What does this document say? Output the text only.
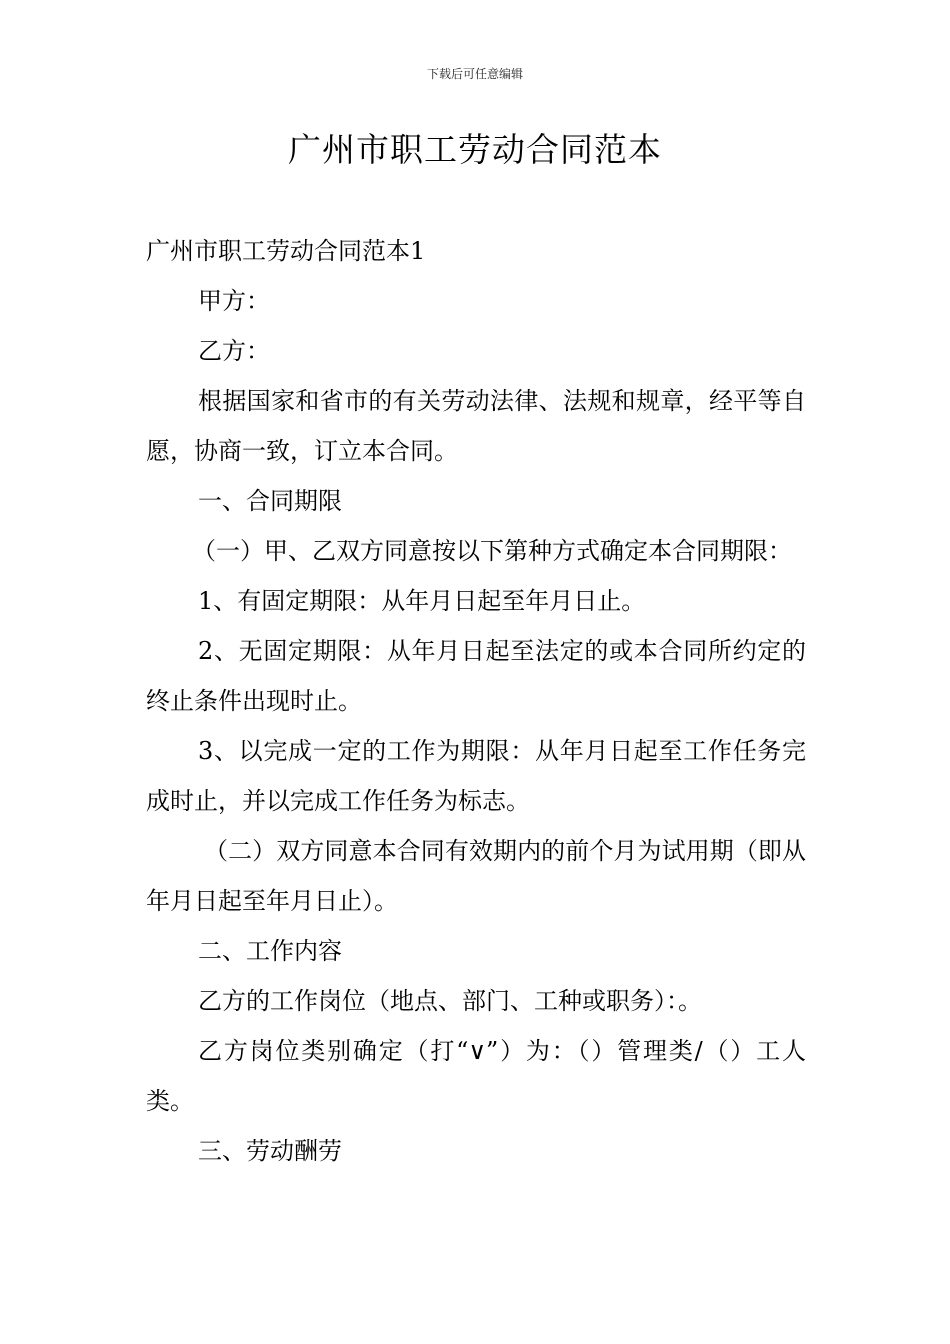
下载后可任意编辑
广州市职工劳动合同范本

广州市职工劳动合同范本1

甲方：

乙方：

根据国家和省市的有关劳动法律、法规和规章，经平等自愿，协商一致，订立本合同。

一、合同期限

（一）甲、乙双方同意按以下第种方式确定本合同期限：

1、有固定期限：从年月日起至年月日止。

2、无固定期限：从年月日起至法定的或本合同所约定的终止条件出现时止。

3、以完成一定的工作为期限：从年月日起至工作任务完成时止，并以完成工作任务为标志。

（二）双方同意本合同有效期内的前个月为试用期（即从年月日起至年月日止）。

二、工作内容

乙方的工作岗位（地点、部门、工种或职务）：。

乙方岗位类别确定（打“∨”）为：（）管理类/（）工人类。

三、劳动酬劳
